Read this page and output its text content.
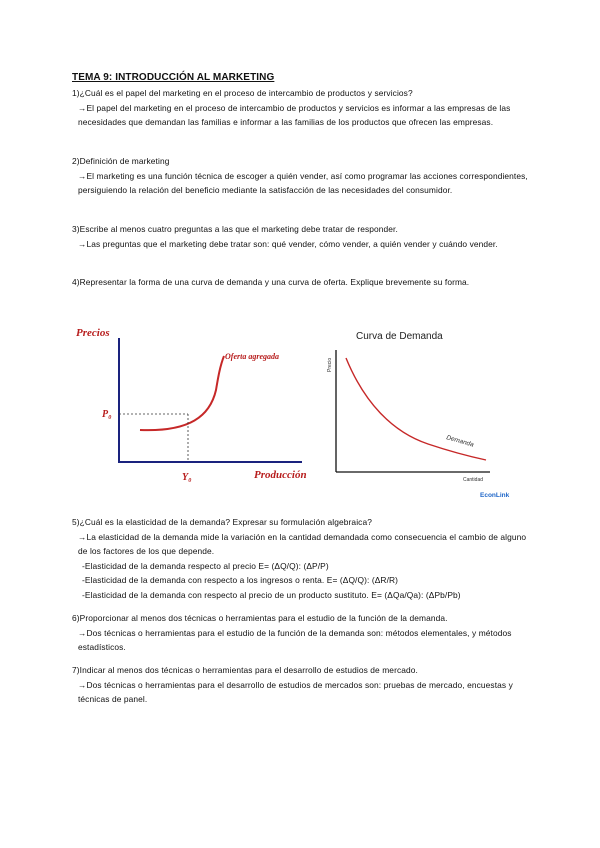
TEMA 9: INTRODUCCIÓN AL MARKETING

1)¿Cuál es el papel del marketing en el proceso de intercambio de productos y servicios?

→El papel del marketing en el proceso de intercambio de productos y servicios es informar a las empresas de las necesidades que demandan las familias e informar a las familias de los productos que ofrecen las empresas.

2)Definición de marketing

→El marketing es una función técnica de escoger a quién vender, así como programar las acciones correspondientes, persiguiendo la relación del beneficio mediante la satisfacción de las necesidades del consumidor.

3)Escribe al menos cuatro preguntas a las que el marketing debe tratar de responder.

→Las preguntas que el marketing debe tratar son: qué vender, cómo vender, a quién vender y cuándo vender.

4)Representar la forma de una curva de demanda y una curva de oferta. Explique brevemente su forma.

Precios
Producción
Oferta agregada
P₀
Y₀
Curva de Demanda
Precio
Cantidad
Demanda
EconLink

5)¿Cuál es la elasticidad de la demanda? Expresar su formulación algebraica?

→La elasticidad de la demanda mide la variación en la cantidad demandada como consecuencia el cambio de alguno de los factores de los que depende.

-Elasticidad de la demanda respecto al precio E= (ΔQ/Q): (ΔP/P)

-Elasticidad de la demanda con respecto a los ingresos o renta. E= (ΔQ/Q): (ΔR/R)

-Elasticidad de la demanda con respecto al precio de un producto sustituto. E= (ΔQa/Qa): (ΔPb/Pb)

6)Proporcionar al menos dos técnicas o herramientas para el estudio de la función de la demanda.

→Dos técnicas o herramientas para el estudio de la función de la demanda son: métodos elementales, y métodos estadísticos.

7)Indicar al menos dos técnicas o herramientas para el desarrollo de estudios de mercado.

→Dos técnicas o herramientas para el desarrollo de estudios de mercados son: pruebas de mercado, encuestas y técnicas de panel.
